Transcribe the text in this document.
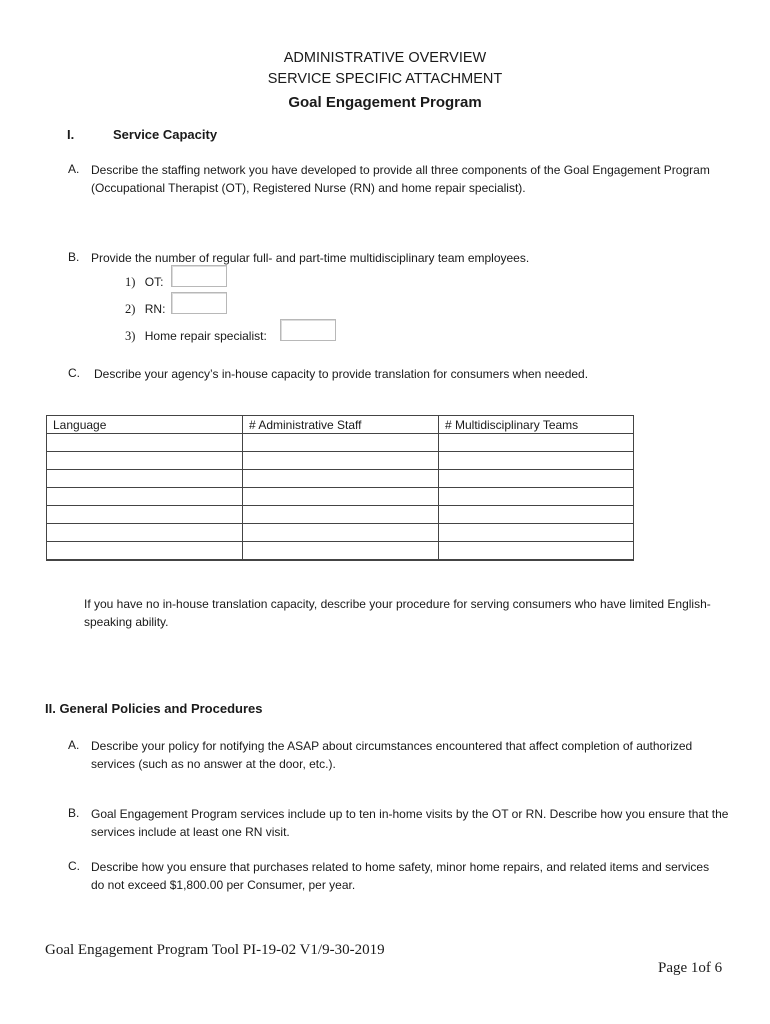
ADMINISTRATIVE OVERVIEW
SERVICE SPECIFIC ATTACHMENT
Goal Engagement Program
I.	Service Capacity
A. Describe the staffing network you have developed to provide all three components of the Goal Engagement Program (Occupational Therapist (OT), Registered Nurse (RN) and home repair specialist).
B. Provide the number of regular full- and part-time multidisciplinary team employees.
1) OT:
2) RN:
3) Home repair specialist:
C. Describe your agency’s in-house capacity to provide translation for consumers when needed.
Language	# Administrative Staff	# Multidisciplinary Teams

If you have no in-house translation capacity, describe your procedure for serving consumers who have limited English-speaking ability.
II. General Policies and Procedures
A. Describe your policy for notifying the ASAP about circumstances encountered that affect completion of authorized services (such as no answer at the door, etc.).
B. Goal Engagement Program services include up to ten in-home visits by the OT or RN. Describe how you ensure that the services include at least one RN visit.
C. Describe how you ensure that purchases related to home safety, minor home repairs, and related items and services do not exceed $1,800.00 per Consumer, per year.
Goal Engagement Program Tool PI-19-02 V1/9-30-2019
Page 1of 6
